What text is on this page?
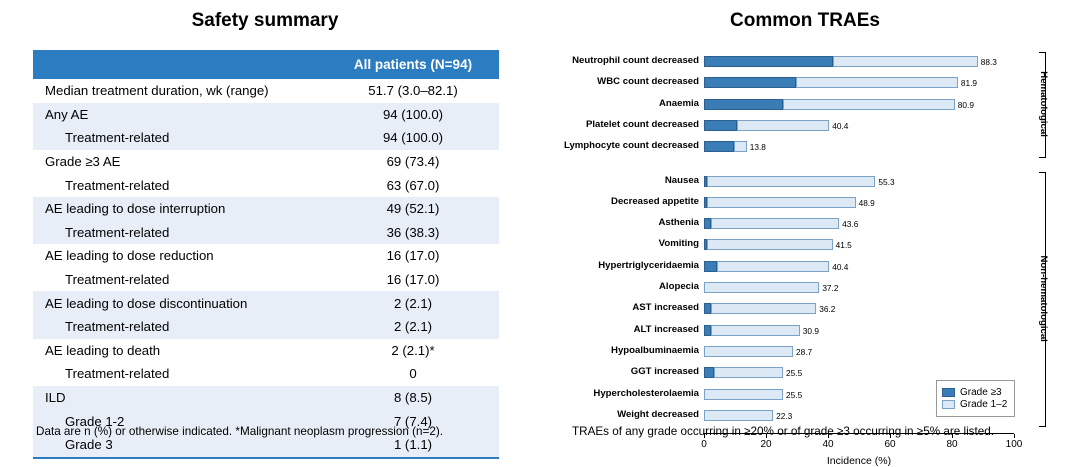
Safety summary
	All patients (N=94)
Median treatment duration, wk (range)	51.7 (3.0–82.1)
Any AE	94 (100.0)
Treatment-related	94 (100.0)
Grade ≥3 AE	69 (73.4)
Treatment-related	63 (67.0)
AE leading to dose interruption	49 (52.1)
Treatment-related	36 (38.3)
AE leading to dose reduction	16 (17.0)
Treatment-related	16 (17.0)
AE leading to dose discontinuation	2 (2.1)
Treatment-related	2 (2.1)
AE leading to death	2 (2.1)*
Treatment-related	0
ILD	8 (8.5)
Grade 1-2	7 (7.4)
Grade 3	1 (1.1)
Data are n (%) or otherwise indicated. *Malignant neoplasm progression (n=2).
Common TRAEs
Neutrophil count decreased	88.3
WBC count decreased	81.9
Anaemia	80.9
Platelet count decreased	40.4
Lymphocyte count decreased	13.8
Nausea	55.3
Decreased appetite	48.9
Asthenia	43.6
Vomiting	41.5
Hypertriglyceridaemia	40.4
Alopecia	37.2
AST increased	36.2
ALT increased	30.9
Hypoalbuminaemia	28.7
GGT increased	25.5
Hypercholesterolaemia	25.5
Weight decreased	22.3
0	20	40	60	80	100
Incidence (%)
Hematological
Non-hematological
Grade ≥3
Grade 1–2
TRAEs of any grade occurring in ≥20% or of grade ≥3 occurring in ≥5% are listed.
